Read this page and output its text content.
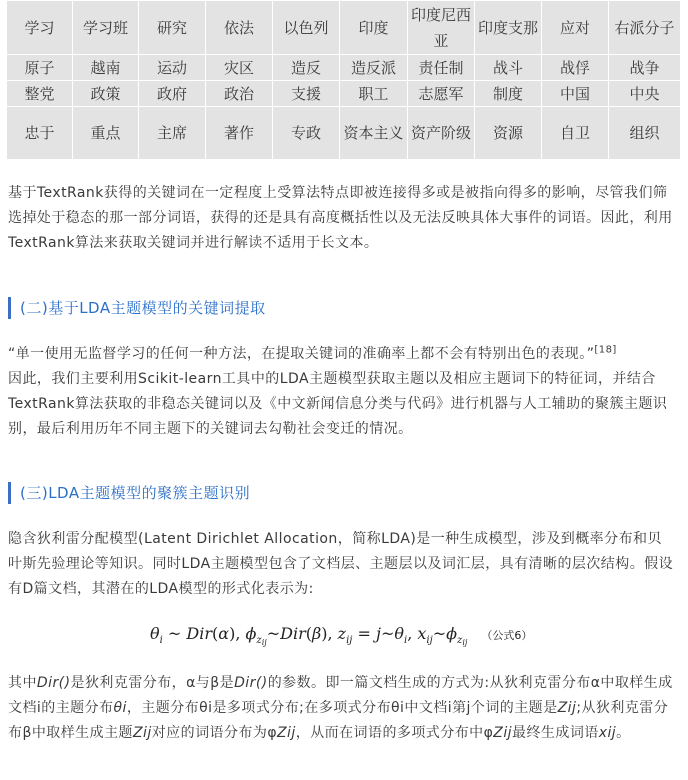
学习	学习班	研究	依法	以色列	印度	印度尼西亚	印度支那	应对	右派分子
原子	越南	运动	灾区	造反	造反派	责任制	战斗	战俘	战争
整党	政策	政府	政治	支援	职工	志愿军	制度	中国	中央
忠于	重点	主席	著作	专政	资本主义	资产阶级	资源	自卫	组织

基于TextRank获得的关键词在一定程度上受算法特点即被连接得多或是被指向得多的影响，尽管我们筛选掉处于稳态的那一部分词语，获得的还是具有高度概括性以及无法反映具体大事件的词语。因此，利用TextRank算法来获取关键词并进行解读不适用于长文本。

(二)基于LDA主题模型的关键词提取

“单一使用无监督学习的任何一种方法，在提取关键词的准确率上都不会有特别出色的表现。”[18]
因此，我们主要利用Scikit-learn工具中的LDA主题模型获取主题以及相应主题词下的特征词，并结合TextRank算法获取的非稳态关键词以及《中文新闻信息分类与代码》进行机器与人工辅助的聚簇主题识别，最后利用历年不同主题下的关键词去勾勒社会变迁的情况。

(三)LDA主题模型的聚簇主题识别

隐含狄利雷分配模型(Latent Dirichlet Allocation，简称LDA)是一种生成模型，涉及到概率分布和贝叶斯先验理论等知识。同时LDA主题模型包含了文档层、主题层以及词汇层，具有清晰的层次结构。假设有D篇文档，其潜在的LDA模型的形式化表示为:

$\theta_i$ ~ Dir(α), $\phi_{zij}\sim Dir(\beta)$, $z_{ij}$ = $j\sim\theta_i$, $x_{ij}\sim\phi_{zij}$（公式6）

其中Dir()是狄利克雷分布，α与β是Dir()的参数。即一篇文档生成的方式为:从狄利克雷分布α中取样生成文档i的主题分布θi，主题分布θi是多项式分布;在多项式分布θi中文档i第j个词的主题是Zij;从狄利克雷分布β中取样生成主题Zij对应的词语分布为φZij，从而在词语的多项式分布中φZij最终生成词语xij。
